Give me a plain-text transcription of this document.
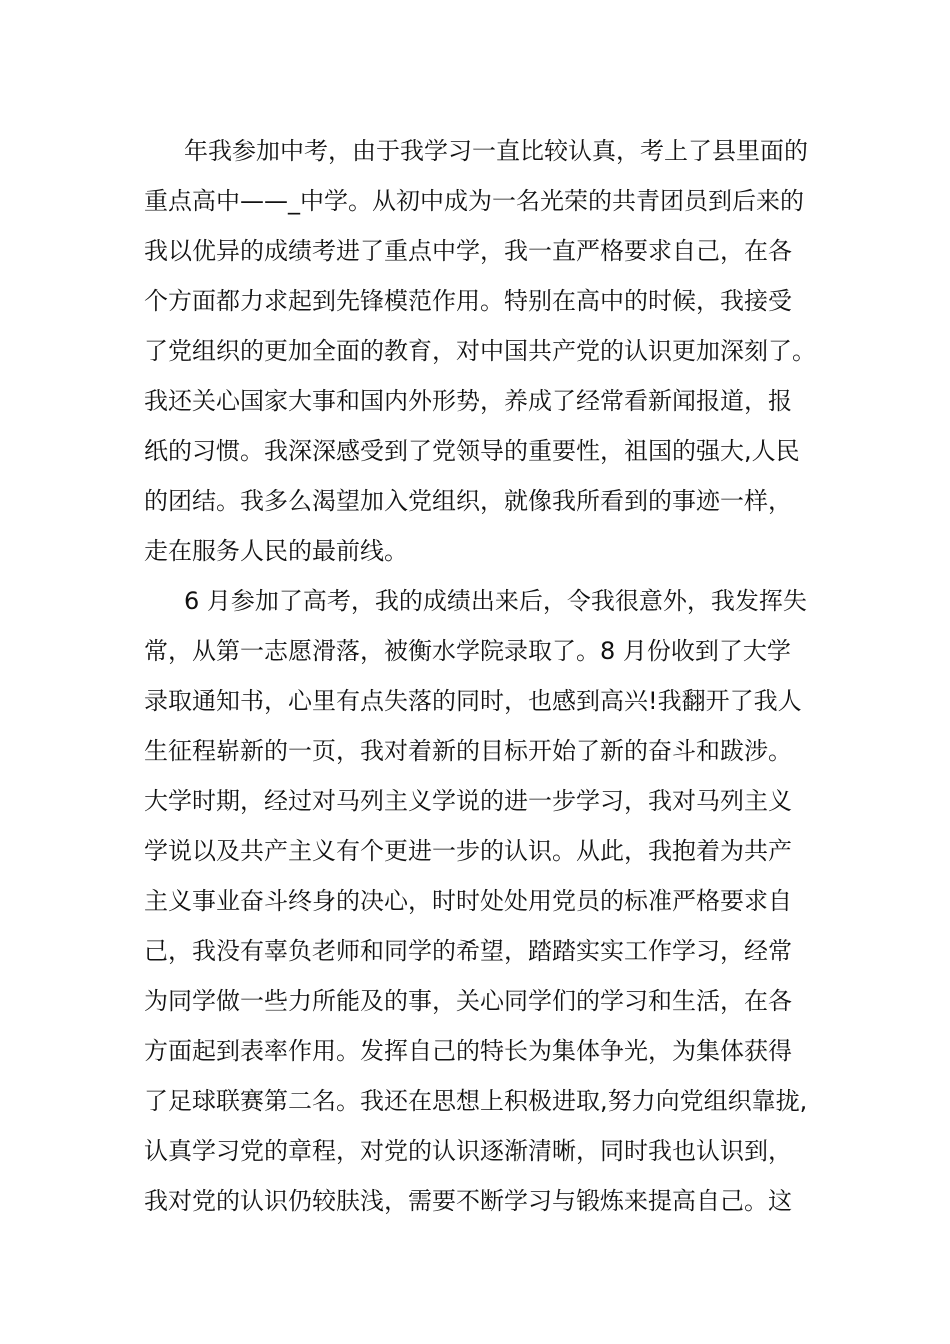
年我参加中考，由于我学习一直比较认真，考上了县里面的
重点高中——_中学。从初中成为一名光荣的共青团员到后来的
我以优异的成绩考进了重点中学，我一直严格要求自己，在各
个方面都力求起到先锋模范作用。特别在高中的时候，我接受
了党组织的更加全面的教育，对中国共产党的认识更加深刻了。
我还关心国家大事和国内外形势，养成了经常看新闻报道，报
纸的习惯。我深深感受到了党领导的重要性，祖国的强大,人民
的团结。我多么渴望加入党组织，就像我所看到的事迹一样，
走在服务人民的最前线。
6 月参加了高考，我的成绩出来后，令我很意外，我发挥失
常，从第一志愿滑落，被衡水学院录取了。8 月份收到了大学
录取通知书，心里有点失落的同时，也感到高兴!我翻开了我人
生征程崭新的一页，我对着新的目标开始了新的奋斗和跋涉。
大学时期，经过对马列主义学说的进一步学习，我对马列主义
学说以及共产主义有个更进一步的认识。从此，我抱着为共产
主义事业奋斗终身的决心，时时处处用党员的标准严格要求自
己，我没有辜负老师和同学的希望，踏踏实实工作学习，经常
为同学做一些力所能及的事，关心同学们的学习和生活，在各
方面起到表率作用。发挥自己的特长为集体争光，为集体获得
了足球联赛第二名。我还在思想上积极进取,努力向党组织靠拢,
认真学习党的章程，对党的认识逐渐清晰，同时我也认识到，
我对党的认识仍较肤浅，需要不断学习与锻炼来提高自己。这
